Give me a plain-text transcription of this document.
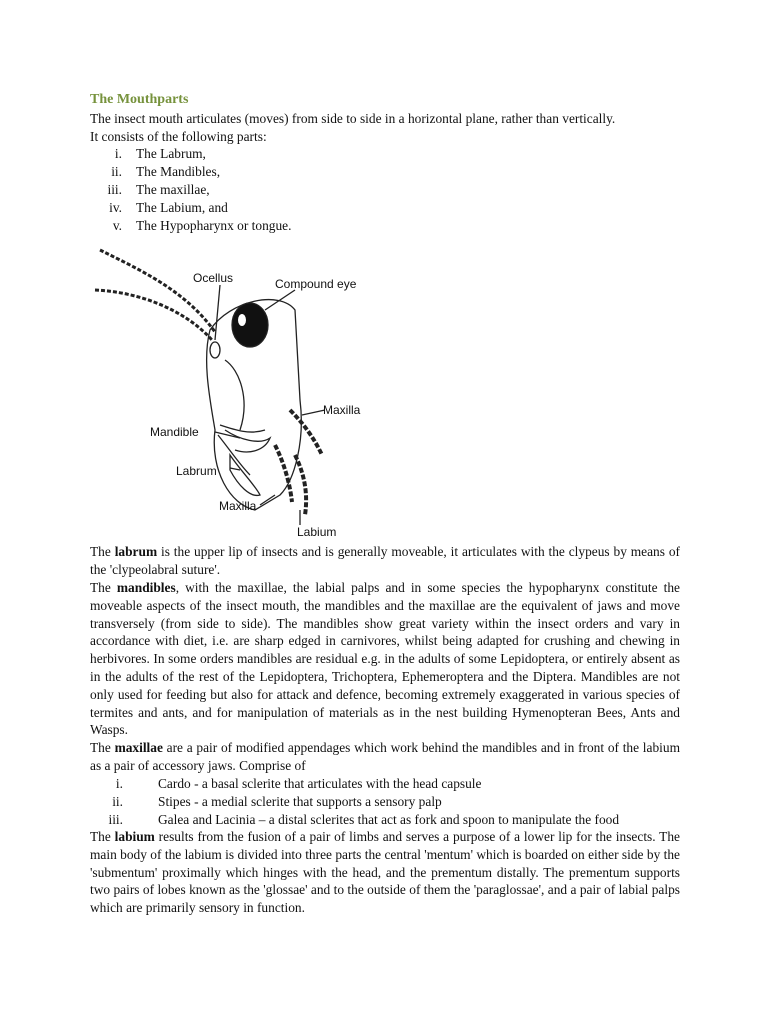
The Mouthparts
The insect mouth articulates (moves) from side to side in a horizontal plane, rather than vertically.
It consists of the following parts:
i.	The Labrum,
ii.	The Mandibles,
iii.	The maxillae,
iv.	The Labium, and
v.	The Hypopharynx or tongue.
Ocellus	Compound eye
Maxilla
Mandible
Labrum
Maxilla
Labium
The labrum is the upper lip of insects and is generally moveable, it articulates with the clypeus by means of the 'clypeolabral suture'.
The mandibles, with the maxillae, the labial palps and in some species the hypopharynx constitute the moveable aspects of the insect mouth, the mandibles and the maxillae are the equivalent of jaws and move transversely (from side to side). The mandibles show great variety within the insect orders and vary in accordance with diet, i.e. are sharp edged in carnivores, whilst being adapted for crushing and chewing in herbivores. In some orders mandibles are residual e.g. in the adults of some Lepidoptera, or entirely absent as in the adults of the rest of the Lepidoptera, Trichoptera, Ephemeroptera and the Diptera. Mandibles are not only used for feeding but also for attack and defence, becoming extremely exaggerated in various species of termites and ants, and for manipulation of materials as in the nest building Hymenopteran Bees, Ants and Wasps.
The maxillae are a pair of modified appendages which work behind the mandibles and in front of the labium as a pair of accessory jaws. Comprise of
i.	Cardo - a basal sclerite that articulates with the head capsule
ii.	Stipes - a medial sclerite that supports a sensory palp
iii.	Galea and Lacinia – a distal sclerites that act as fork and spoon to manipulate the food
The labium results from the fusion of a pair of limbs and serves a purpose of a lower lip for the insects. The main body of the labium is divided into three parts the central 'mentum' which is boarded on either side by the 'submentum' proximally which hinges with the head, and the prementum distally. The prementum supports two pairs of lobes known as the 'glossae' and to the outside of them the 'paraglossae', and a pair of labial palps which are primarily sensory in function.
